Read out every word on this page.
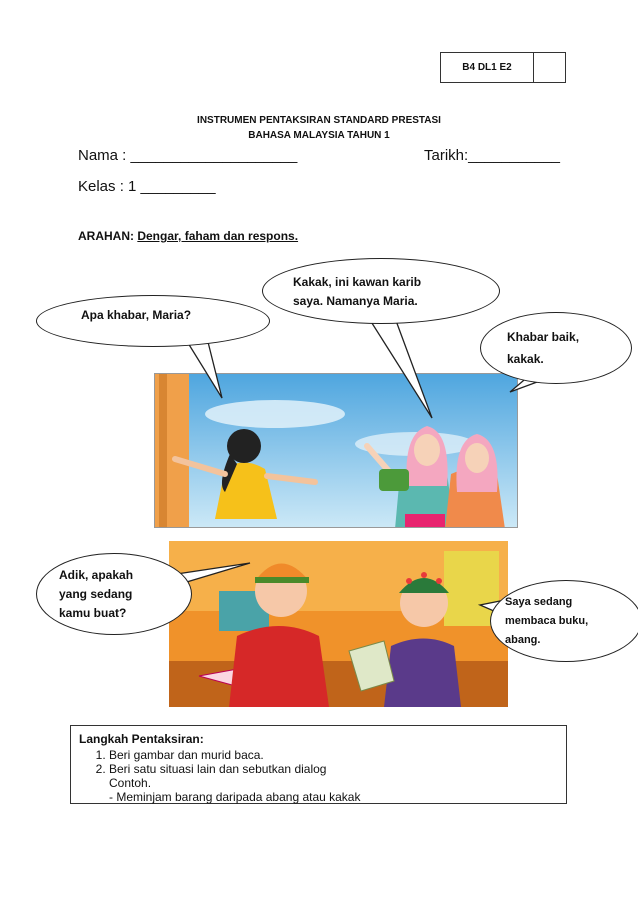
B4 DL1 E2
INSTRUMEN PENTAKSIRAN STANDARD PRESTASI
BAHASA MALAYSIA TAHUN 1
Nama : ____________________	Tarikh:___________
Kelas : 1 _________
ARAHAN: Dengar, faham dan respons.
Apa khabar, Maria?
Kakak, ini kawan karib
saya. Namanya Maria.
Khabar baik,
kakak.
Adik, apakah
yang sedang
kamu buat?
Saya sedang
membaca buku,
abang.
Langkah Pentaksiran:
1. Beri gambar dan murid baca.
2. Beri satu situasi lain dan sebutkan dialog
Contoh.
- Meminjam barang daripada abang atau kakak
